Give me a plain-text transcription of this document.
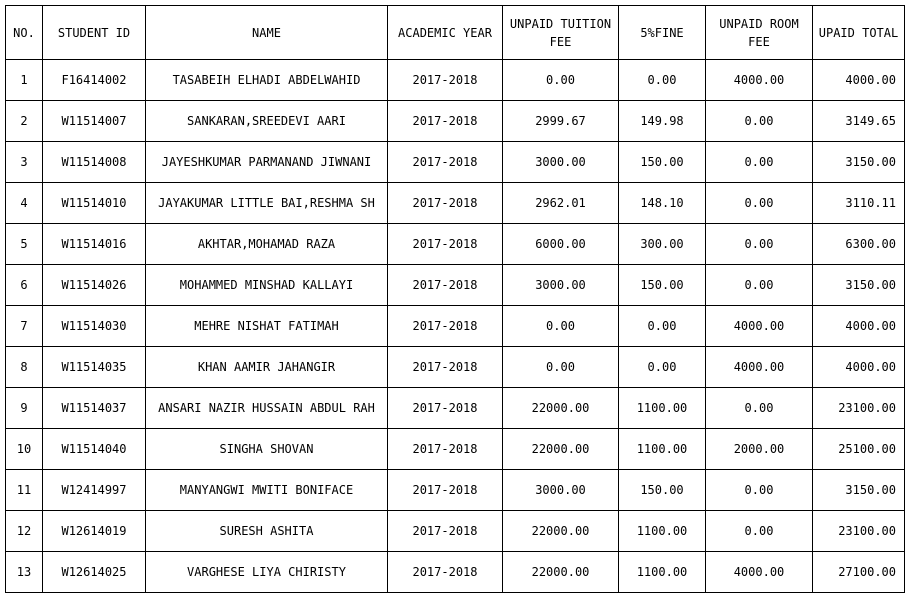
NO.	STUDENT ID	NAME	ACADEMIC YEAR	UNPAID TUITION FEE	5%FINE	UNPAID ROOM FEE	UPAID TOTAL
1	F16414002	TASABEIH ELHADI ABDELWAHID	2017-2018	0.00	0.00	4000.00	4000.00
2	W11514007	SANKARAN,SREEDEVI AARI	2017-2018	2999.67	149.98	0.00	3149.65
3	W11514008	JAYESHKUMAR PARMANAND JIWNANI	2017-2018	3000.00	150.00	0.00	3150.00
4	W11514010	JAYAKUMAR LITTLE BAI,RESHMA SH	2017-2018	2962.01	148.10	0.00	3110.11
5	W11514016	AKHTAR,MOHAMAD RAZA	2017-2018	6000.00	300.00	0.00	6300.00
6	W11514026	MOHAMMED MINSHAD KALLAYI	2017-2018	3000.00	150.00	0.00	3150.00
7	W11514030	MEHRE NISHAT FATIMAH	2017-2018	0.00	0.00	4000.00	4000.00
8	W11514035	KHAN AAMIR JAHANGIR	2017-2018	0.00	0.00	4000.00	4000.00
9	W11514037	ANSARI NAZIR HUSSAIN ABDUL RAH	2017-2018	22000.00	1100.00	0.00	23100.00
10	W11514040	SINGHA SHOVAN	2017-2018	22000.00	1100.00	2000.00	25100.00
11	W12414997	MANYANGWI MWITI BONIFACE	2017-2018	3000.00	150.00	0.00	3150.00
12	W12614019	SURESH ASHITA	2017-2018	22000.00	1100.00	0.00	23100.00
13	W12614025	VARGHESE LIYA CHIRISTY	2017-2018	22000.00	1100.00	4000.00	27100.00
